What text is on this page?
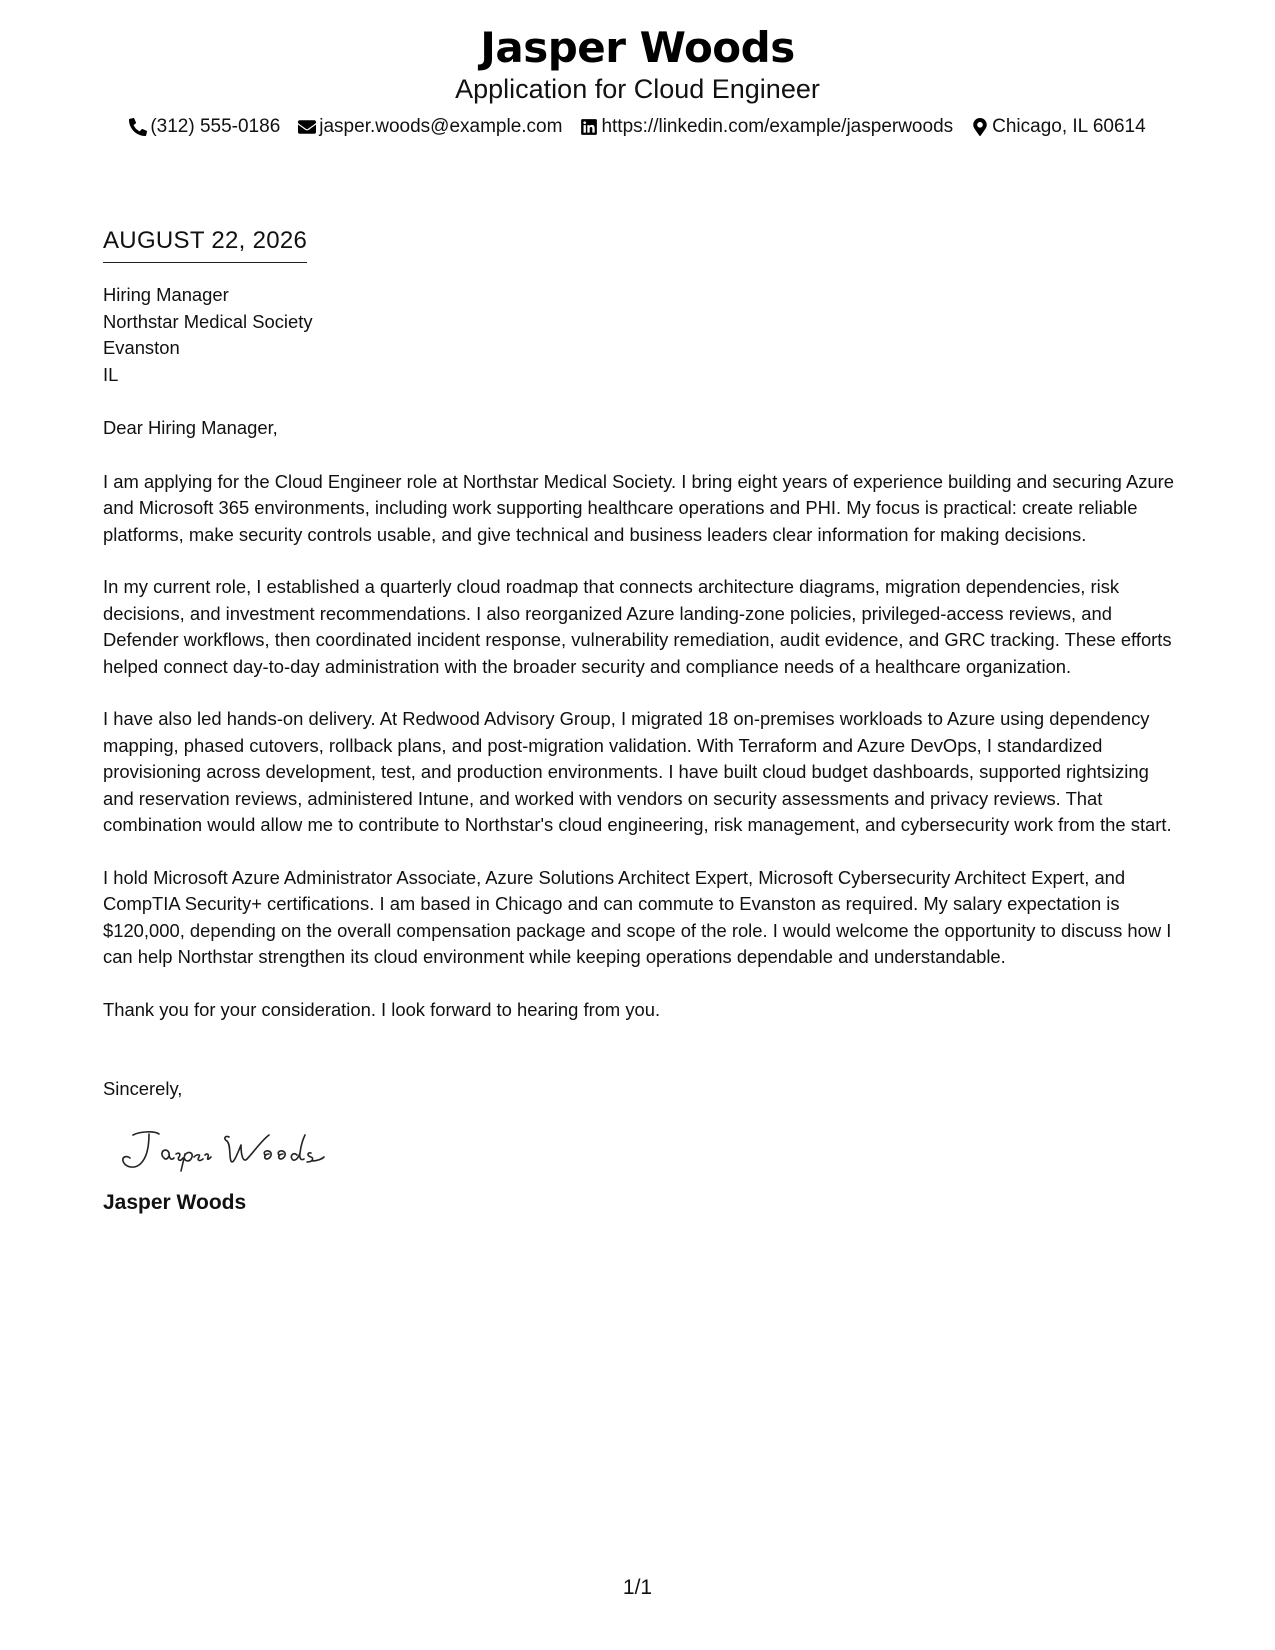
Jasper Woods
Application for Cloud Engineer
(312) 555-0186 jasper.woods@example.com https://linkedin.com/example/jasperwoods Chicago, IL 60614
AUGUST 22, 2026
Hiring Manager
Northstar Medical Society
Evanston
IL

Dear Hiring Manager,

I am applying for the Cloud Engineer role at Northstar Medical Society. I bring eight years of experience building and securing Azure and Microsoft 365 environments, including work supporting healthcare operations and PHI. My focus is practical: create reliable platforms, make security controls usable, and give technical and business leaders clear information for making decisions.

In my current role, I established a quarterly cloud roadmap that connects architecture diagrams, migration dependencies, risk decisions, and investment recommendations. I also reorganized Azure landing-zone policies, privileged-access reviews, and Defender workflows, then coordinated incident response, vulnerability remediation, audit evidence, and GRC tracking. These efforts helped connect day-to-day administration with the broader security and compliance needs of a healthcare organization.

I have also led hands-on delivery. At Redwood Advisory Group, I migrated 18 on-premises workloads to Azure using dependency mapping, phased cutovers, rollback plans, and post-migration validation. With Terraform and Azure DevOps, I standardized provisioning across development, test, and production environments. I have built cloud budget dashboards, supported rightsizing and reservation reviews, administered Intune, and worked with vendors on security assessments and privacy reviews. That combination would allow me to contribute to Northstar's cloud engineering, risk management, and cybersecurity work from the start.

I hold Microsoft Azure Administrator Associate, Azure Solutions Architect Expert, Microsoft Cybersecurity Architect Expert, and CompTIA Security+ certifications. I am based in Chicago and can commute to Evanston as required. My salary expectation is $120,000, depending on the overall compensation package and scope of the role. I would welcome the opportunity to discuss how I can help Northstar strengthen its cloud environment while keeping operations dependable and understandable.

Thank you for your consideration. I look forward to hearing from you.

Sincerely,

Jasper Woods
1/1
